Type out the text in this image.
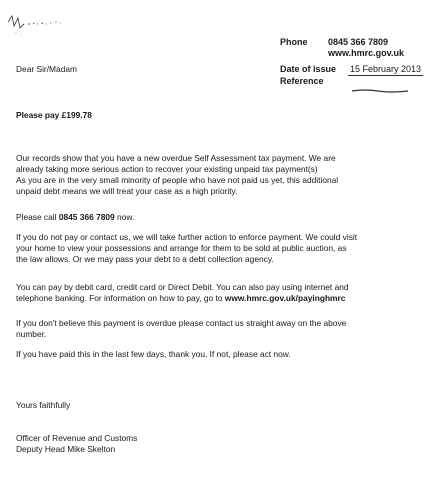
Phone	0845 366 7809
www.hmrc.gov.uk
Date of issue	15 February 2013
Reference
Dear Sir/Madam
Please pay £199.78

Our records show that you have a new overdue Self Assessment tax payment. We are
already taking more serious action to recover your existing unpaid tax payment(s)
As you are in the very small minority of people who have not paid us yet, this additional
unpaid debt means we will treat your case as a high priority.

Please call 0845 366 7809 now.

If you do not pay or contact us, we will take further action to enforce payment. We could visit
your home to view your possessions and arrange for them to be sold at public auction, as
the law allows. Or we may pass your debt to a debt collection agency.

You can pay by debit card, credit card or Direct Debit. You can also pay using internet and
telephone banking. For information on how to pay, go to www.hmrc.gov.uk/payinghmrc

If you don't believe this payment is overdue please contact us straight away on the above
number.

If you have paid this in the last few days, thank you. If not, please act now.

Yours faithfully
Officer of Revenue and Customs
Deputy Head Mike Skelton
